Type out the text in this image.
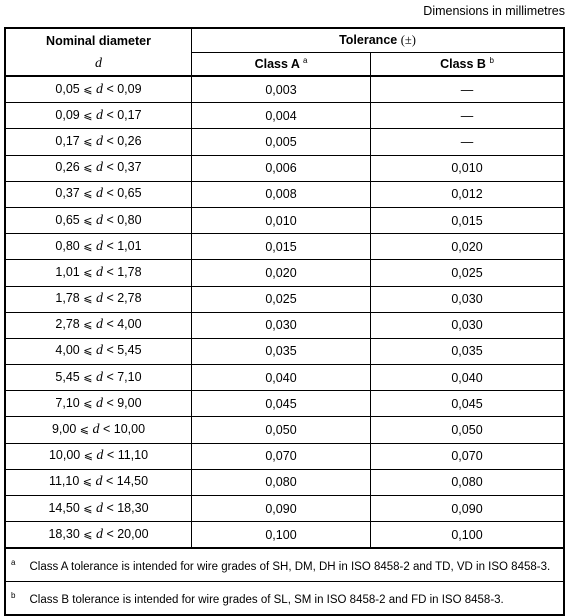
Dimensions in millimetres
Nominal diameter	Tolerance (±)	
d	Class A $^a$	Class B $^b$
0,05 ⩽ d < 0,09	0,003	—
0,09 ⩽ d < 0,17	0,004	—
0,17 ⩽ d < 0,26	0,005	—
0,26 ⩽ d < 0,37	0,006	0,010
0,37 ⩽ d < 0,65	0,008	0,012
0,65 ⩽ d < 0,80	0,010	0,015
0,80 ⩽ d < 1,01	0,015	0,020
1,01 ⩽ d < 1,78	0,020	0,025
1,78 ⩽ d < 2,78	0,025	0,030
2,78 ⩽ d < 4,00	0,030	0,030
4,00 ⩽ d < 5,45	0,035	0,035
5,45 ⩽ d < 7,10	0,040	0,040
7,10 ⩽ d < 9,00	0,045	0,045
9,00 ⩽ d < 10,00	0,050	0,050
10,00 ⩽ d < 11,10	0,070	0,070
11,10 ⩽ d < 14,50	0,080	0,080
14,50 ⩽ d < 18,30	0,090	0,090
18,30 ⩽ d < 20,00	0,100	0,100
$^a$ Class A tolerance is intended for wire grades of SH, DM, DH in ISO 8458-2 and TD, VD in ISO 8458-3.		
$^b$ Class B tolerance is intended for wire grades of SL, SM in ISO 8458-2 and FD in ISO 8458-3.		
